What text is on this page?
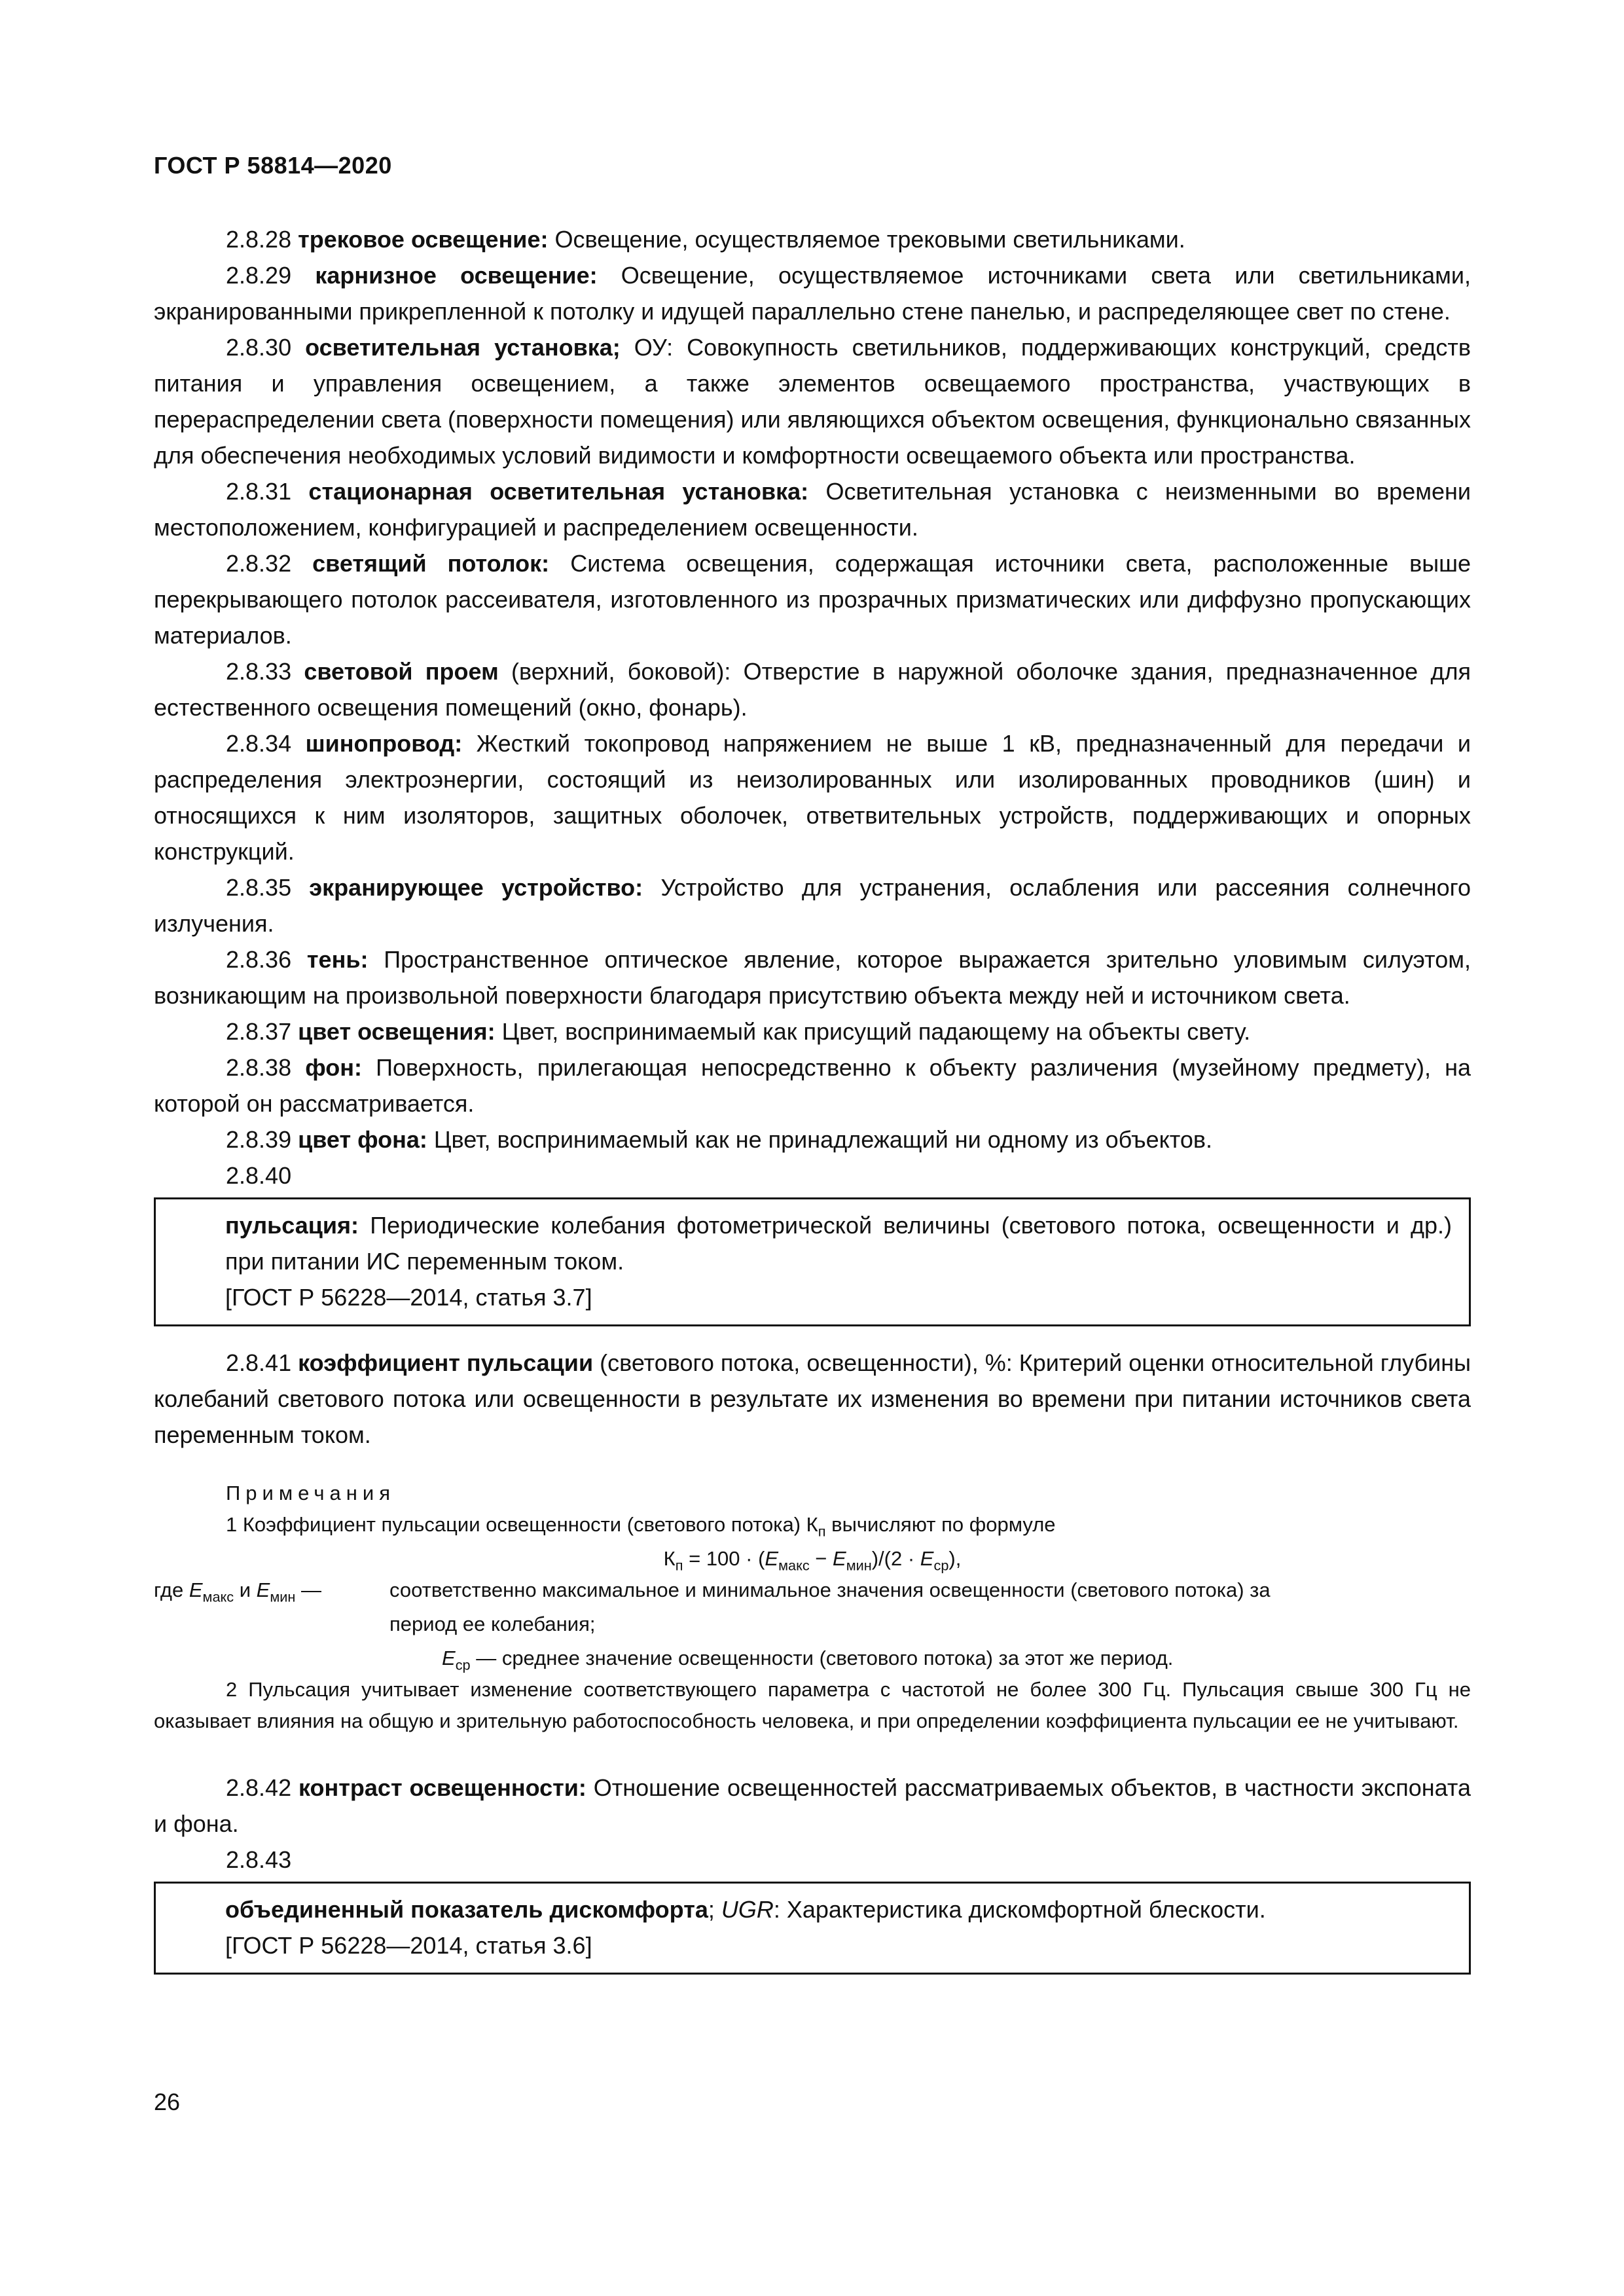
ГОСТ Р 58814—2020

2.8.28 трековое освещение: Освещение, осуществляемое трековыми светильниками.

2.8.29 карнизное освещение: Освещение, осуществляемое источниками света или светильниками, экранированными прикрепленной к потолку и идущей параллельно стене панелью, и распределяющее свет по стене.

2.8.30 осветительная установка; ОУ: Совокупность светильников, поддерживающих конструкций, средств питания и управления освещением, а также элементов освещаемого пространства, участвующих в перераспределении света (поверхности помещения) или являющихся объектом освещения, функционально связанных для обеспечения необходимых условий видимости и комфортности освещаемого объекта или пространства.

2.8.31 стационарная осветительная установка: Осветительная установка с неизменными во времени местоположением, конфигурацией и распределением освещенности.

2.8.32 светящий потолок: Система освещения, содержащая источники света, расположенные выше перекрывающего потолок рассеивателя, изготовленного из прозрачных призматических или диффузно пропускающих материалов.

2.8.33 световой проем (верхний, боковой): Отверстие в наружной оболочке здания, предназначенное для естественного освещения помещений (окно, фонарь).

2.8.34 шинопровод: Жесткий токопровод напряжением не выше 1 кВ, предназначенный для передачи и распределения электроэнергии, состоящий из неизолированных или изолированных проводников (шин) и относящихся к ним изоляторов, защитных оболочек, ответвительных устройств, поддерживающих и опорных конструкций.

2.8.35 экранирующее устройство: Устройство для устранения, ослабления или рассеяния солнечного излучения.

2.8.36 тень: Пространственное оптическое явление, которое выражается зрительно уловимым силуэтом, возникающим на произвольной поверхности благодаря присутствию объекта между ней и источником света.

2.8.37 цвет освещения: Цвет, воспринимаемый как присущий падающему на объекты свету.

2.8.38 фон: Поверхность, прилегающая непосредственно к объекту различения (музейному предмету), на которой он рассматривается.

2.8.39 цвет фона: Цвет, воспринимаемый как не принадлежащий ни одному из объектов.

2.8.40

пульсация: Периодические колебания фотометрической величины (светового потока, освещенности и др.) при питании ИС переменным током.

[ГОСТ Р 56228—2014, статья 3.7]

2.8.41 коэффициент пульсации (светового потока, освещенности), %: Критерий оценки относительной глубины колебаний светового потока или освещенности в результате их изменения во времени при питании источников света переменным током.

Примечания

1 Коэффициент пульсации освещенности (светового потока) $К_п$ вычисляют по формуле

$К_п = 100 \cdot (E_{макс} - E_{мин})/(2 \cdot E_{ср})$,

где $E_{макс}$ и $E_{мин}$ —	соответственно максимальное и минимальное значения освещенности (светового потока) за
период ее колебания;
$E_{ср}$ — среднее значение освещенности (светового потока) за этот же период.

2 Пульсация учитывает изменение соответствующего параметра с частотой не более 300 Гц. Пульсация свыше 300 Гц не оказывает влияния на общую и зрительную работоспособность человека, и при определении коэффициента пульсации ее не учитывают.

2.8.42 контраст освещенности: Отношение освещенностей рассматриваемых объектов, в частности экспоната и фона.

2.8.43

объединенный показатель дискомфорта; UGR: Характеристика дискомфортной блескости.

[ГОСТ Р 56228—2014, статья 3.6]

26
